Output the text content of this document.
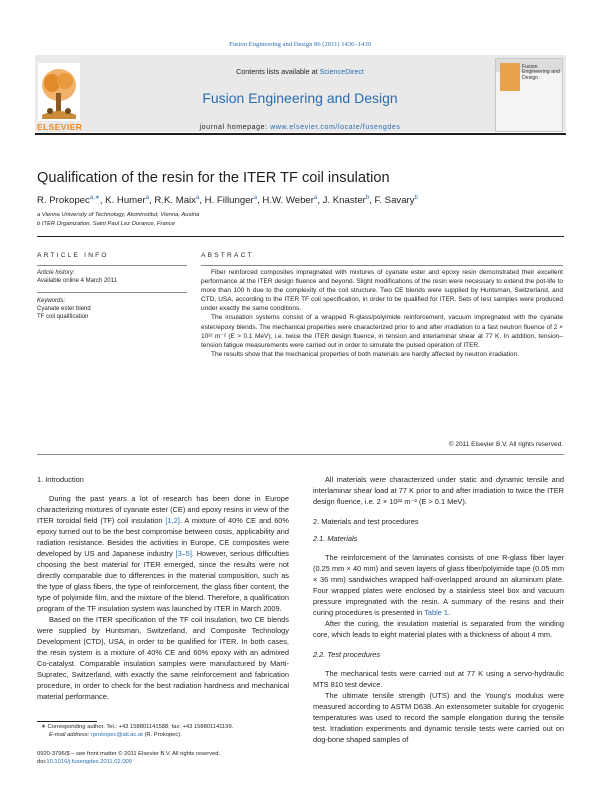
Fusion Engineering and Design 86 (2011) 1436–1439
ELSEVIER
Contents lists available at ScienceDirect
Fusion Engineering and Design
journal homepage: www.elsevier.com/locate/fusengdes
Fusion Engineering and Design
Qualification of the resin for the ITER TF coil insulation
R. Prokopec$^{a,∗}$, K. Humer$^a$, R.K. Maix$^a$, H. Fillunger$^a$, H.W. Weber$^a$, J. Knaster$^b$, F. Savary$^b$
a Vienna University of Technology, Atominstitut, Vienna, Austria
b ITER Organization, Saint Paul Lez Durance, France
ARTICLE INFO
Article history:
Available online 4 March 2011
Keywords:
Cyanate ester blend
TF coil qualification
ABSTRACT

Fiber reinforced composites impregnated with mixtures of cyanate ester and epoxy resin demonstrated their excellent performance at the ITER design fluence and beyond. Slight modifications of the resin were necessary to extend the pot-life to more than 100 h due to the complexity of the coil structure. Two CE blends were supplied by Huntsman, Switzerland, and CTD, USA, according to the ITER TF coil specification, in order to be qualified for ITER. Sets of test samples were produced under exactly the same conditions.

The insulation systems consist of a wrapped R-glass/polyimide reinforcement, vacuum impregnated with the cyanate ester/epoxy blends. The mechanical properties were characterized prior to and after irradiation to a fast neutron fluence of 2 × 10²² m⁻² (E > 0.1 MeV), i.e. twice the ITER design fluence, in tension and interlaminar shear at 77 K. In addition, tension–tension fatigue measurements were carried out in order to simulate the pulsed operation of ITER.

The results show that the mechanical properties of both materials are hardly affected by neutron irradiation.

© 2011 Elsevier B.V. All rights reserved.
1. Introduction

During the past years a lot of research has been done in Europe characterizing mixtures of cyanate ester (CE) and epoxy resins in view of the ITER toroidal field (TF) coil insulation [1,2]. A mixture of 40% CE and 60% epoxy turned out to be the best compromise between costs, applicability and radiation resistance. Besides the activities in Europe, CE composites were developed by US and Japanese industry [3–5]. However, serious difficulties choosing the best material for ITER emerged, since the results were not directly comparable due to differences in the material composition, such as the type of glass fibers, the type of reinforcement, the glass fiber content, the type of polyimide film, and the mixture of the blend. Therefore, a qualification program of the TF insulation system was launched by ITER in March 2009.

Based on the ITER specification of the TF coil insulation, two CE blends were supplied by Huntsman, Switzerland, and Composite Technology Development (CTD), USA, in order to be qualified for ITER. In both cases, the resin system is a mixture of 40% CE and 60% epoxy with an admixed Co-catalyst. Comparable insulation samples were manufactured by Marti-Supratec, Switzerland, with exactly the same reinforcement and fabrication procedure, in order to check for the best radiation hardness and mechanical material performance.

∗ Corresponding author. Tel.: +43 158801141588; fax: +43 158801141199.
E-mail address: rprokopec@ati.ac.at (R. Prokopec).
0920-3796/$ – see front matter © 2011 Elsevier B.V. All rights reserved.
doi:10.1016/j.fusengdes.2011.02.009

All materials were characterized under static and dynamic tensile and interlaminar shear load at 77 K prior to and after irradiation to twice the ITER design fluence, i.e. 2 × 10²² m⁻² (E > 0.1 MeV).

2. Materials and test procedures
2.1. Materials

The reinforcement of the laminates consists of one R-glass fiber layer (0.25 mm × 40 mm) and seven layers of glass fiber/polyimide tape (0.05 mm × 36 mm) sandwiches wrapped half-overlapped around an aluminum plate. Four wrapped plates were enclosed by a stainless steel box and vacuum pressure impregnated with the resin. A summary of the resins and their curing procedures is presented in Table 1.

After the curing, the insulation material is separated from the winding core, which leads to eight material plates with a thickness of about 4 mm.

2.2. Test procedures

The mechanical tests were carried out at 77 K using a servo-hydraulic MTS 810 test device.

The ultimate tensile strength (UTS) and the Young’s modulus were measured according to ASTM D638. An extensometer suitable for cryogenic temperatures was used to record the sample elongation during the tensile test. Irradiation experiments and dynamic tensile tests were carried out on dog-bone shaped samples of
